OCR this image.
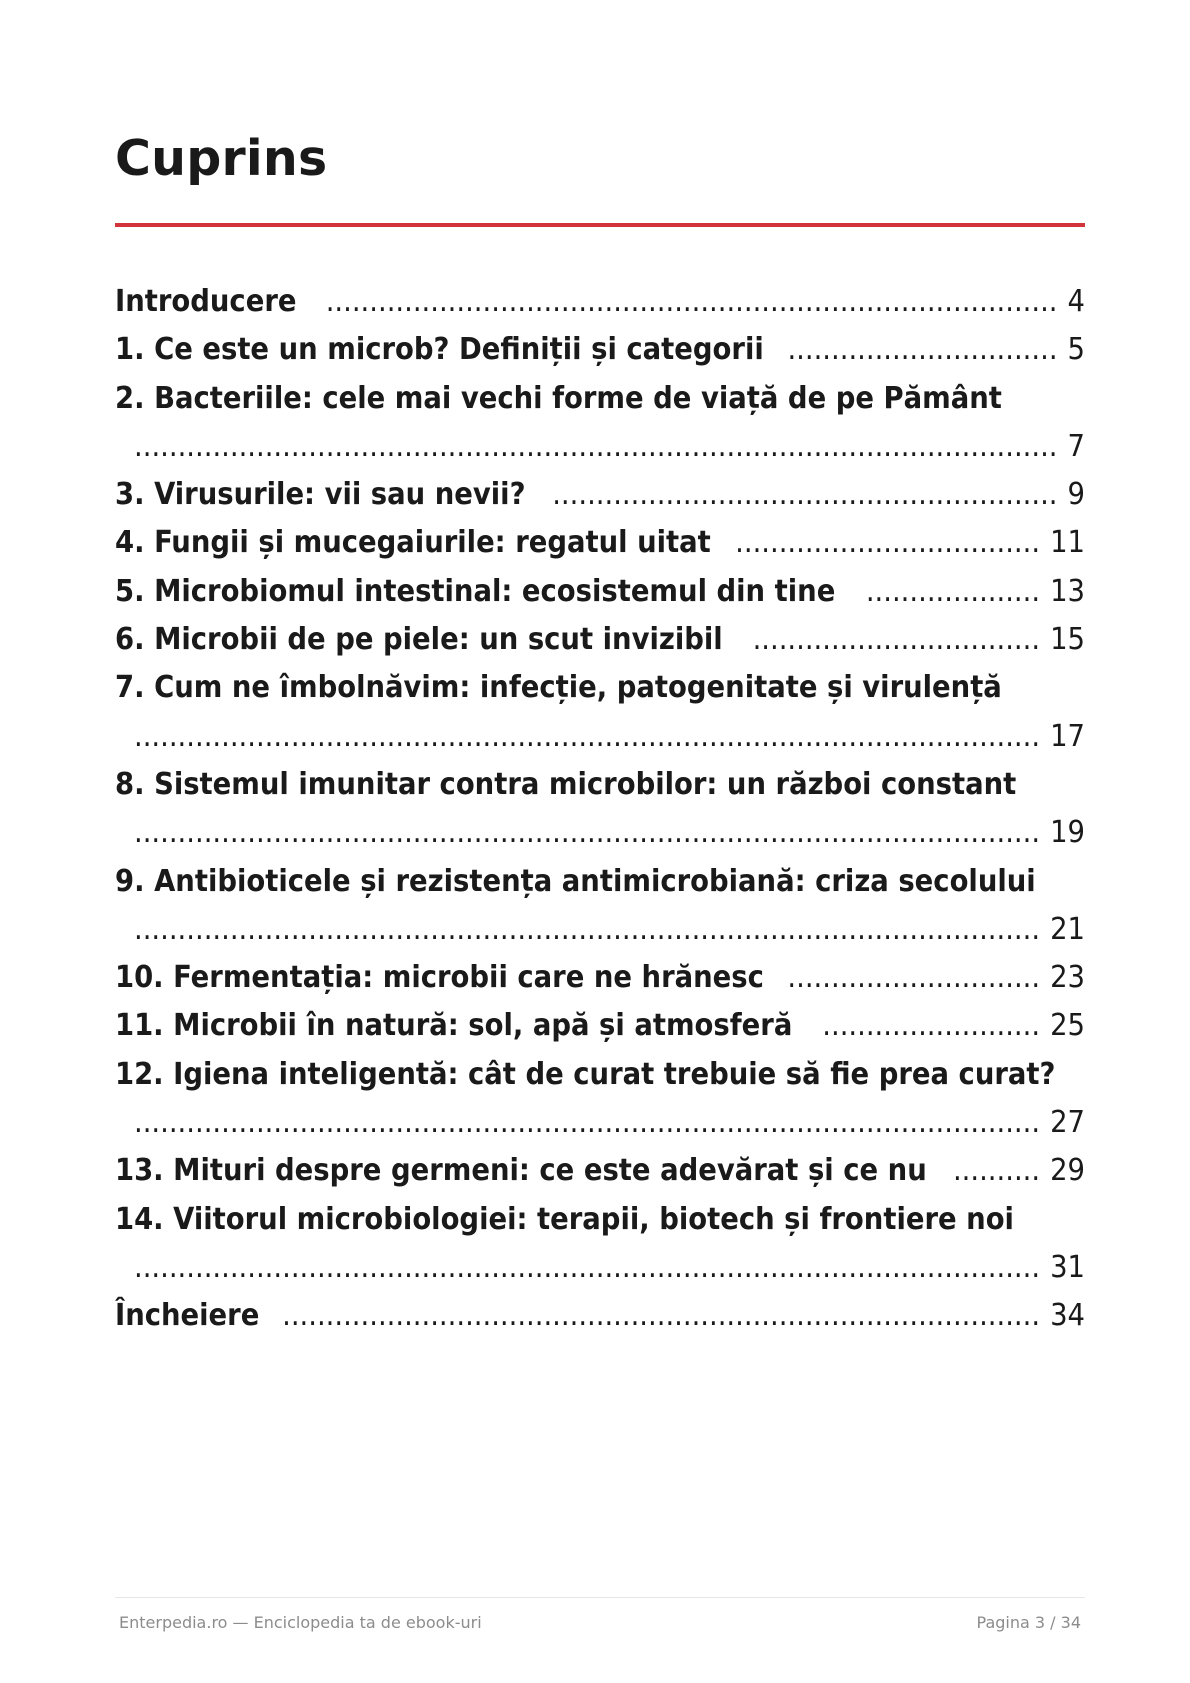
Cuprins
Introducere .................................................................................... 4
1. Ce este un microb? Definiții și categorii ............................... 5
2. Bacteriile: cele mai vechi forme de viață de pe Pământ
.......................................................................................................... 7
3. Virusurile: vii sau nevii? .......................................................... 9
4. Fungii și mucegaiurile: regatul uitat ................................... 11
5. Microbiomul intestinal: ecosistemul din tine .................... 13
6. Microbii de pe piele: un scut invizibil ................................. 15
7. Cum ne îmbolnăvim: infecție, patogenitate și virulență
........................................................................................................ 17
8. Sistemul imunitar contra microbilor: un război constant
........................................................................................................ 19
9. Antibioticele și rezistența antimicrobiană: criza secolului
........................................................................................................ 21
10. Fermentația: microbii care ne hrănesc ............................. 23
11. Microbii în natură: sol, apă și atmosferă ......................... 25
12. Igiena inteligentă: cât de curat trebuie să fie prea curat?
........................................................................................................ 27
13. Mituri despre germeni: ce este adevărat și ce nu .......... 29
14. Viitorul microbiologiei: terapii, biotech și frontiere noi
........................................................................................................ 31
Încheiere ....................................................................................... 34
Enterpedia.ro — Enciclopedia ta de ebook-uri	Pagina 3 / 34
